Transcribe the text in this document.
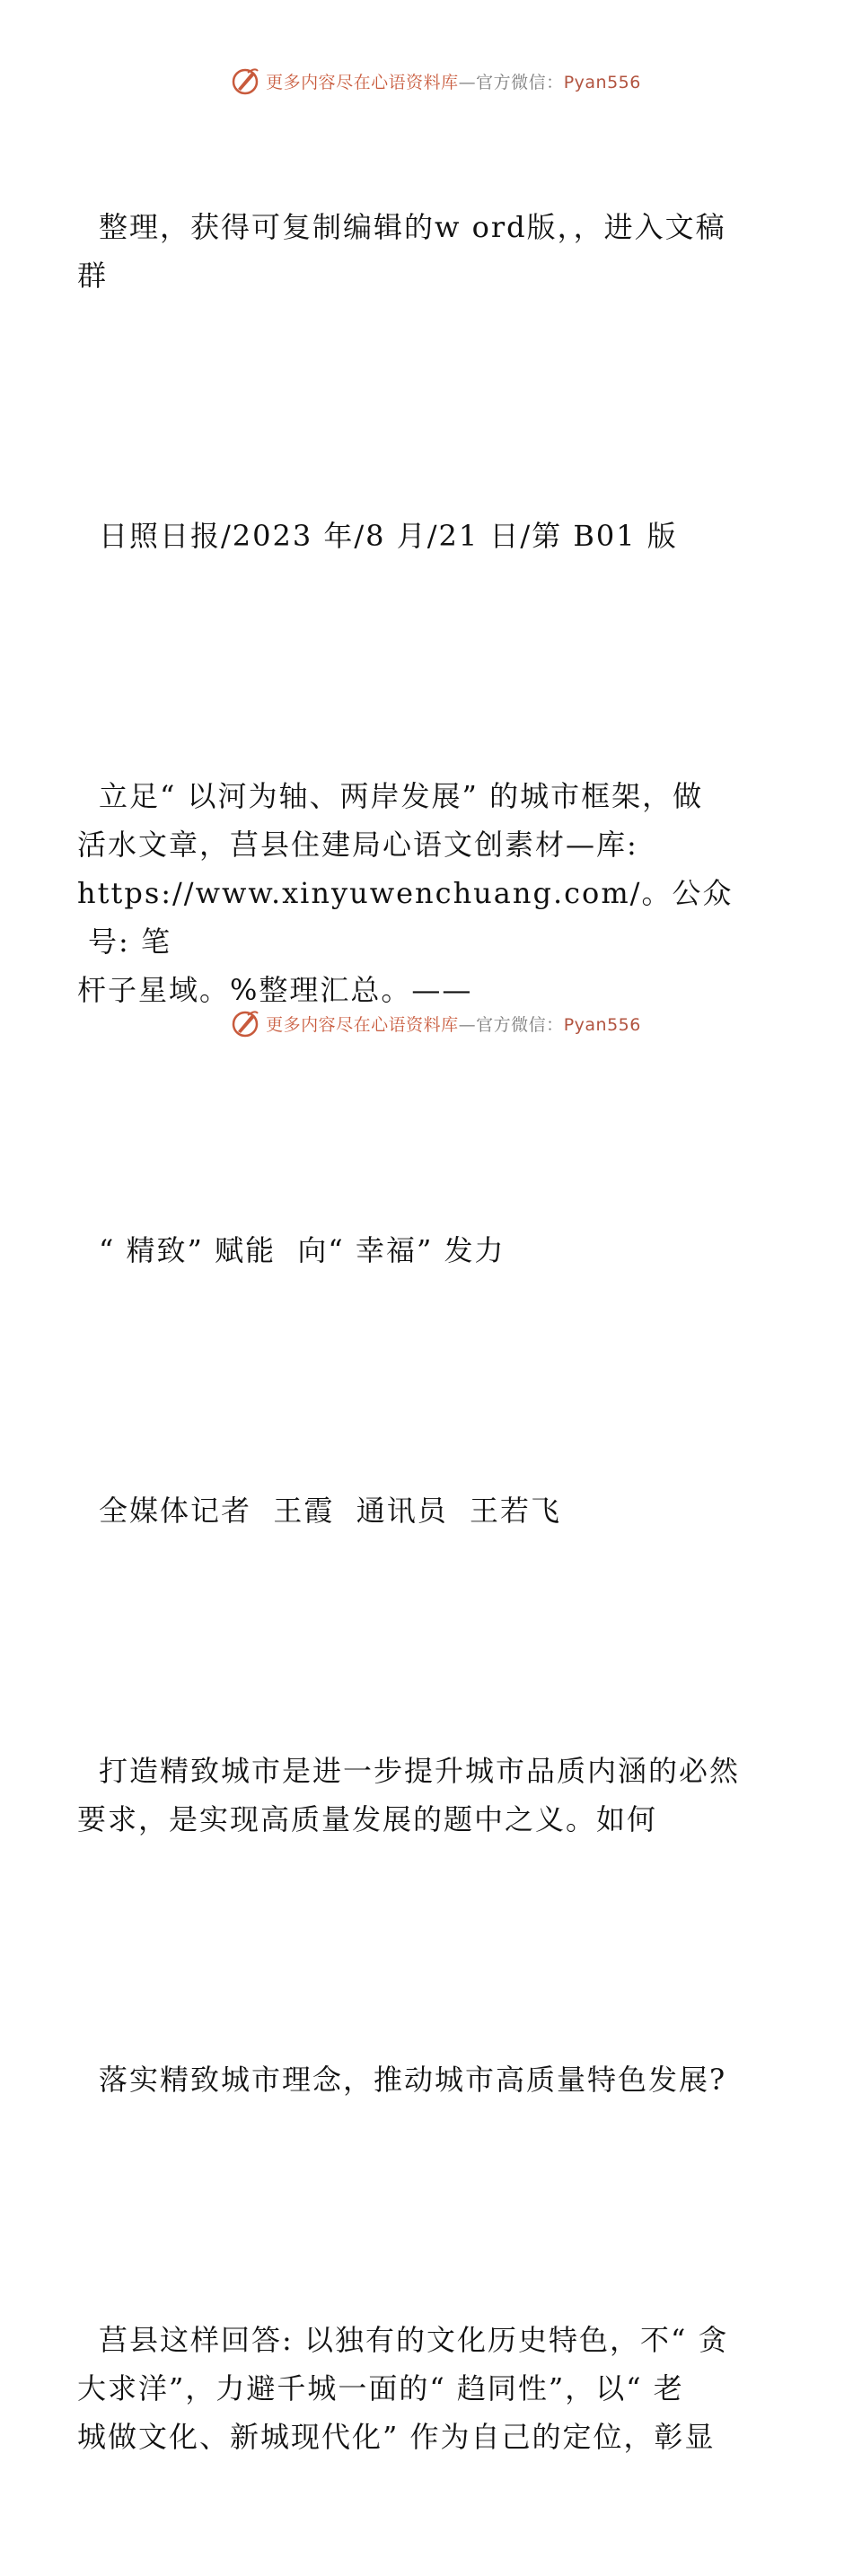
更多内容尽在心语资料库—官方微信：Pyan556

整理，获得可复制编辑的w ord版，，进入文稿
群

日照日报/2023 年/8 月/21 日/第 B01 版

立足“ 以河为轴、两岸发展” 的城市框架，做
活水文章，莒县住建局心语文创素材—库:
https://www.xinyuwenchuang.com/。公众号: 笔
杆子星域。%整理汇总。——

“ 精致” 赋能  向“ 幸福” 发力

全媒体记者  王霞  通讯员  王若飞

打造精致城市是进一步提升城市品质内涵的必然
要求，是实现高质量发展的题中之义。如何

落实精致城市理念，推动城市高质量特色发展?

莒县这样回答: 以独有的文化历史特色，不“ 贪
大求洋”，力避千城一面的“ 趋同性”，以“ 老
城做文化、新城现代化” 作为自己的定位，彰显

更多内容尽在心语资料库—官方微信：Pyan556
